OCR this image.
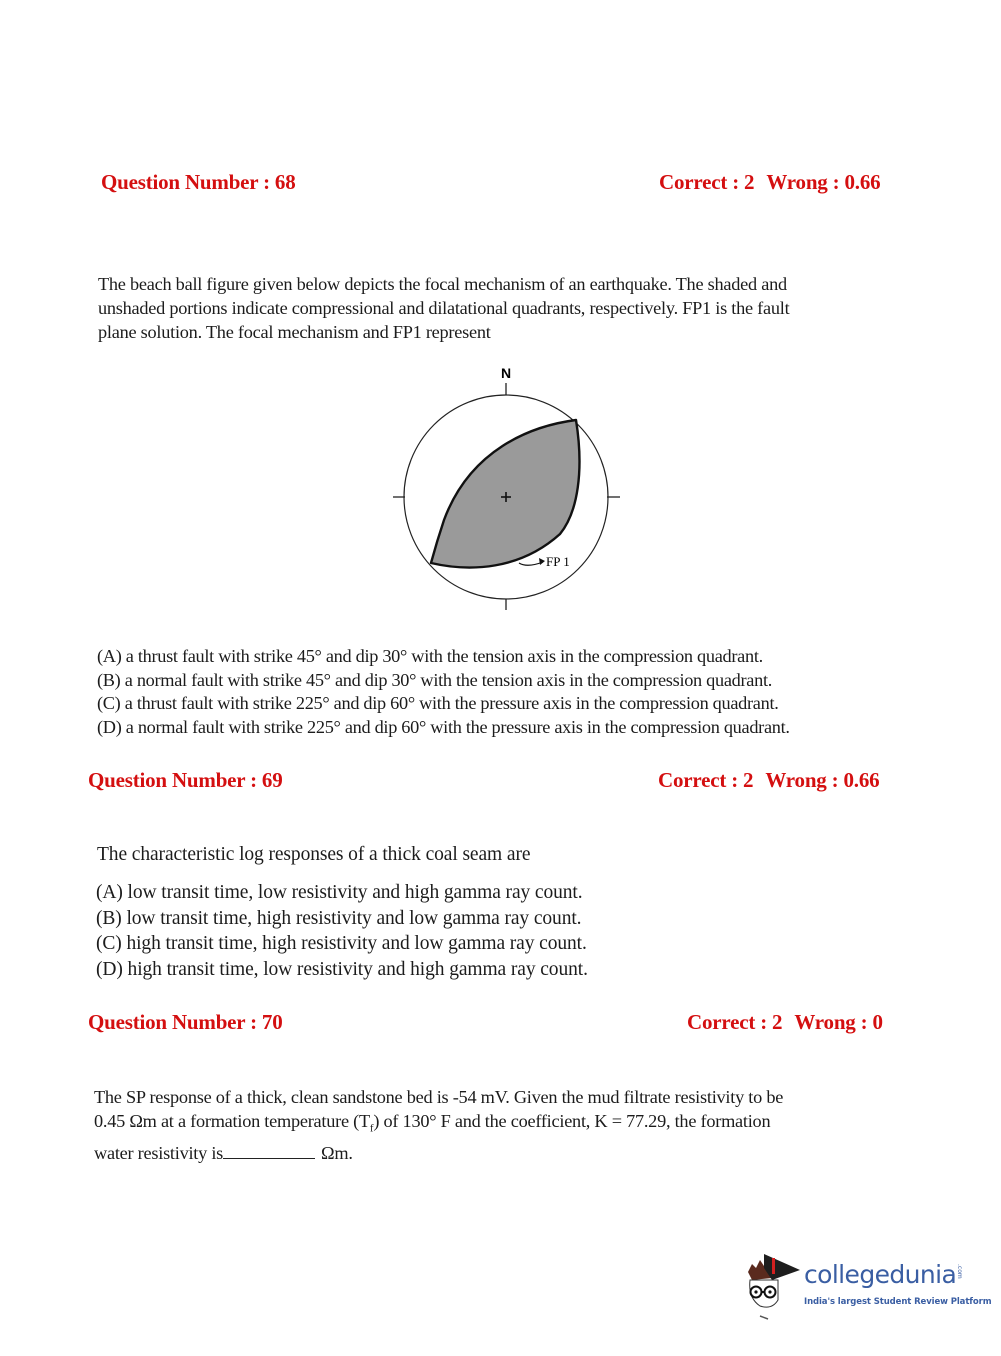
Question Number : 68	Correct : 2 Wrong : 0.66
The beach ball figure given below depicts the focal mechanism of an earthquake. The shaded and
unshaded portions indicate compressional and dilatational quadrants, respectively. FP1 is the fault
plane solution. The focal mechanism and FP1 represent
N
FP 1
(A) a thrust fault with strike 45° and dip 30° with the tension axis in the compression quadrant.
(B) a normal fault with strike 45° and dip 30° with the tension axis in the compression quadrant.
(C) a thrust fault with strike 225° and dip 60° with the pressure axis in the compression quadrant.
(D) a normal fault with strike 225° and dip 60° with the pressure axis in the compression quadrant.
Question Number : 69	Correct : 2 Wrong : 0.66
The characteristic log responses of a thick coal seam are
(A) low transit time, low resistivity and high gamma ray count.
(B) low transit time, high resistivity and low gamma ray count.
(C) high transit time, high resistivity and low gamma ray count.
(D) high transit time, low resistivity and high gamma ray count.
Question Number : 70	Correct : 2 Wrong : 0
The SP response of a thick, clean sandstone bed is -54 mV. Given the mud filtrate resistivity to be
0.45 Ωm at a formation temperature $(T_f)$ of 130° F and the coefficient, K = 77.29, the formation
water resistivity is	Ωm.
collegedunia .com
India's largest Student Review Platform
